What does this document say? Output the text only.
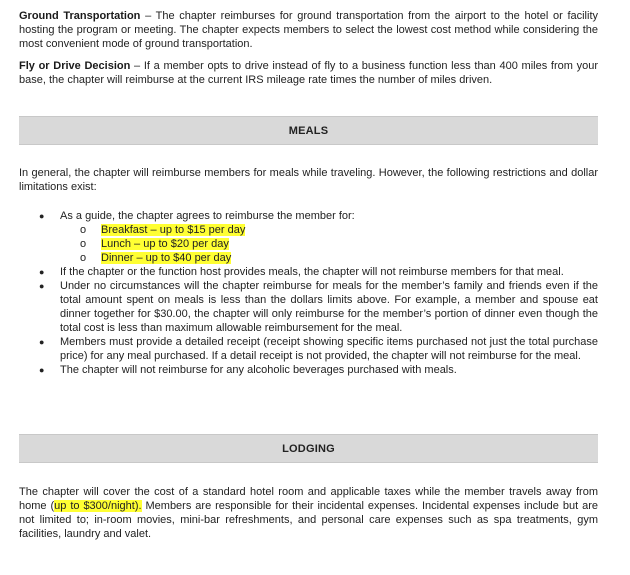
Ground Transportation – The chapter reimburses for ground transportation from the airport to the hotel or facility hosting the program or meeting. The chapter expects members to select the lowest cost method while considering the most convenient mode of ground transportation.

Fly or Drive Decision – If a member opts to drive instead of fly to a business function less than 400 miles from your base, the chapter will reimburse at the current IRS mileage rate times the number of miles driven.

MEALS

In general, the chapter will reimburse members for meals while traveling. However, the following restrictions and dollar limitations exist:

● As a guide, the chapter agrees to reimburse the member for:
o Breakfast – up to $15 per day
o Lunch – up to $20 per day
o Dinner – up to $40 per day
● If the chapter or the function host provides meals, the chapter will not reimburse members for that meal.
● Under no circumstances will the chapter reimburse for meals for the member’s family and friends even if the total amount spent on meals is less than the dollars limits above. For example, a member and spouse eat dinner together for $30.00, the chapter will only reimburse for the member’s portion of dinner even though the total cost is less than maximum allowable reimbursement for the meal.
● Members must provide a detailed receipt (receipt showing specific items purchased not just the total purchase price) for any meal purchased. If a detail receipt is not provided, the chapter will not reimburse for the meal.
● The chapter will not reimburse for any alcoholic beverages purchased with meals.
LODGING

The chapter will cover the cost of a standard hotel room and applicable taxes while the member travels away from home (up to $300/night). Members are responsible for their incidental expenses. Incidental expenses include but are not limited to; in-room movies, mini-bar refreshments, and personal care expenses such as spa treatments, gym facilities, laundry and valet.
